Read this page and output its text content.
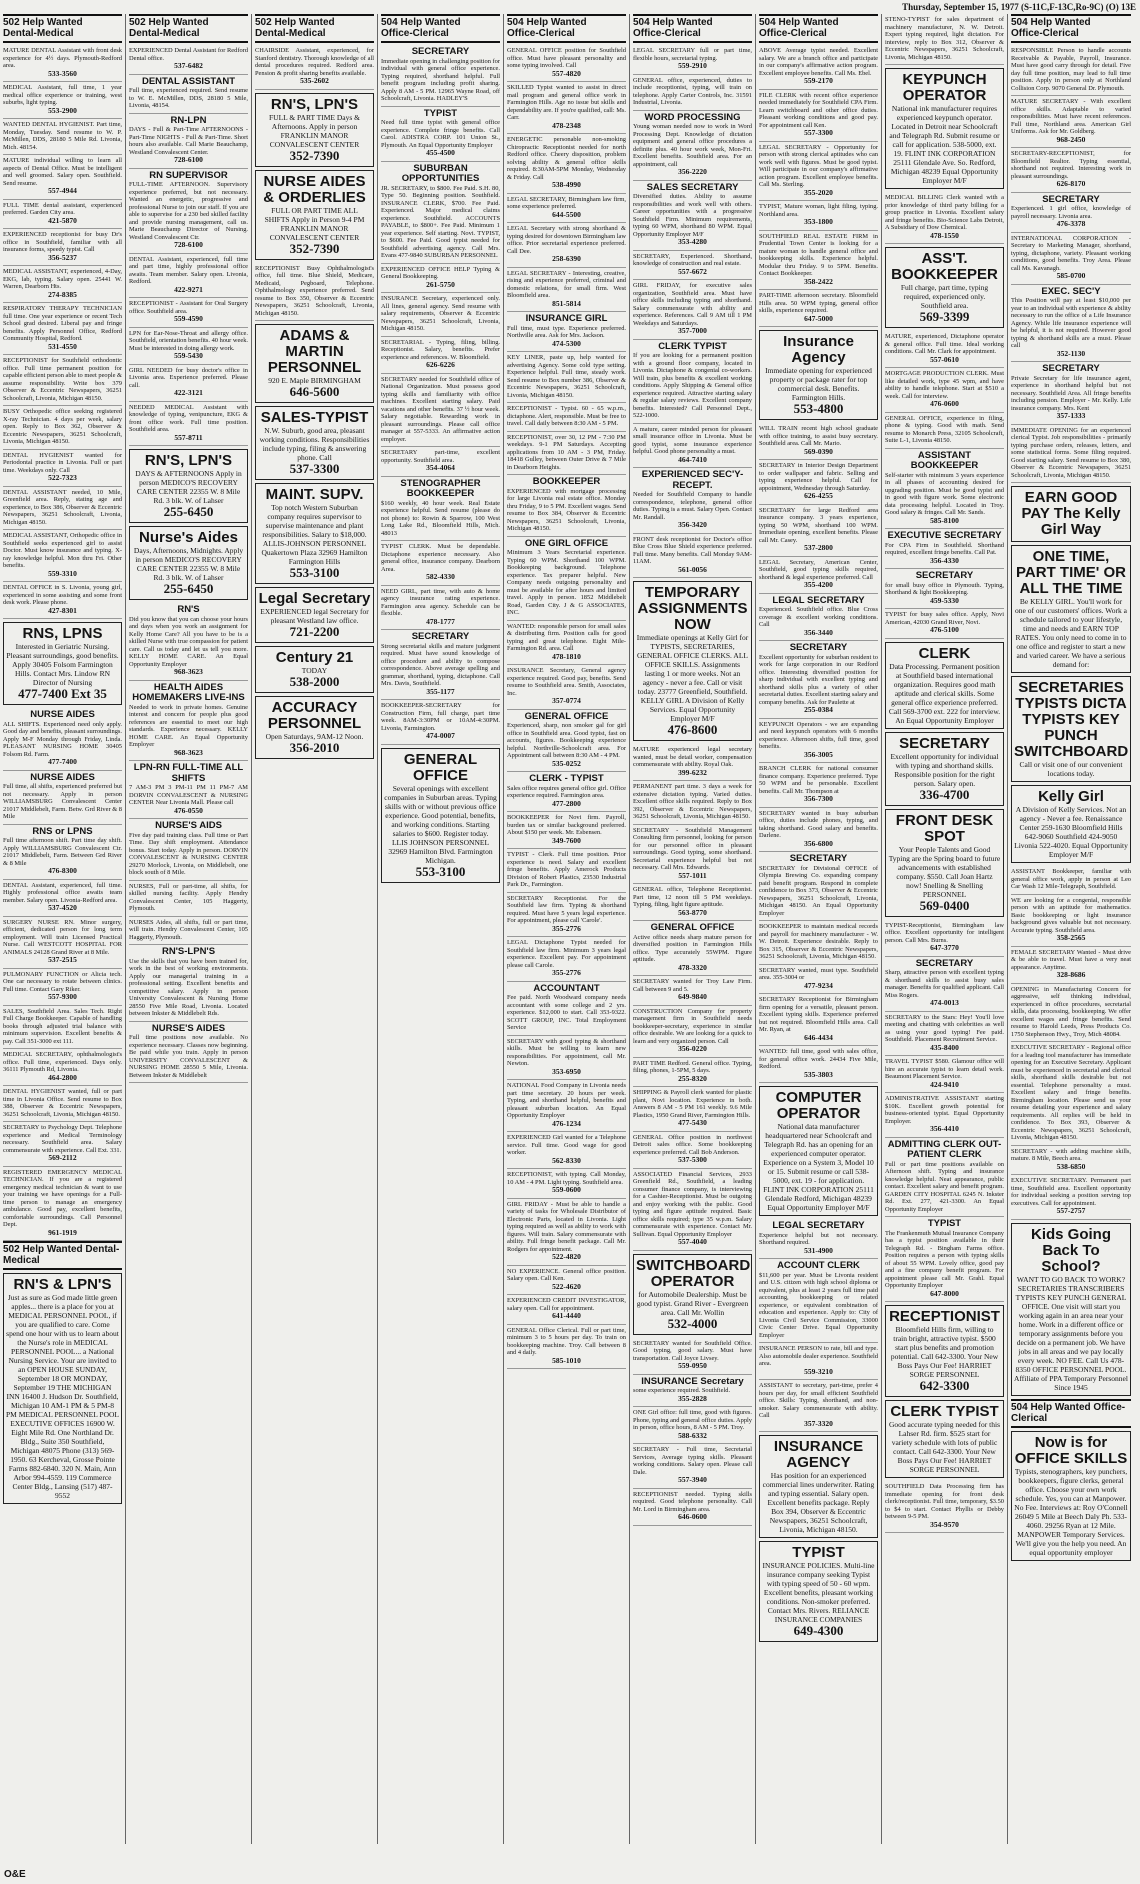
Thursday, September 15, 1977 (S-11C,F-13C,Ro-9C) (O) 13E
502 Help Wanted
Dental-Medical
MATURE DENTAL Assistant with front desk experience for 4½ days. Plymouth-Redford area.
533-3560
MEDICAL Assistant, full time, 1 year medical office experience or training, west suburbs, light typing.
553-2900
WANTED DENTAL HYGIENIST. Part time, Monday, Tuesday. Send resume to W. P. McMillen, DDS, 28180 5 Mile Rd. Livonia, Mich. 48154.
MATURE individual willing to learn all aspects of Dental Office. Must be intelligent and well groomed. Salary open. Southfield. Send resume.
557-4944
FULL TIME dental assistant, experienced preferred. Garden City area.
421-5870
EXPERIENCED receptionist for busy Dr's office in Southfield, familiar with all insurance forms, speedy typist. Call
356-5237
MEDICAL ASSISTANT, experienced, 4-Day, EKG, lab, typing. Salary open. 25441 W. Warren, Dearborn Hts.
274-8385
RESPIRATORY THERAPY TECHNICIAN full time. One year experience or recent Tech School grad desired. Liberal pay and fringe benefits. Apply Personnel Office, Redford Community Hospital, Redford.
531-4550
RECEPTIONIST for Southfield orthodontic office. Full time permanent position for capable efficient person able to meet people & assume responsibility. Write box 379 Observer & Eccentric Newspapers, 36251 Schoolcraft, Livonia, Michigan 48150.
BUSY Orthopedic office seeking registered X-ray Technician. 4 days per week, salary open. Reply to Box 362, Observer & Eccentric Newspapers, 36251 Schoolcraft, Livonia, Michigan 48150.
DENTAL HYGIENIST wanted for Periodontal practice in Livonia. Full or part time. Weekdays only. Call
522-7323
DENTAL ASSISTANT needed, 10 Mile, Greenfield area. Reply, stating age and experience, to Box 386, Observer & Eccentric Newspapers, 36251 Schoolcraft, Livonia, Michigan 48150.
MEDICAL ASSISTANT, Orthopedic office in Southfield seeks experienced girl to assist Doctor. Must know insurance and typing. X-ray knowledge helpful. Mon thru Fri. Other benefits.
559-3310
DENTAL OFFICE in S. Livonia, young girl, experienced in some assisting and some front desk work. Please phone.
427-8301
RNS, LPNS
Interested in Geriatric Nursing. Pleasant surroundings, good benefits. Apply 30405 Folsom Farmington Hills. Contact Mrs. Lindow RN Director of Nursing
477-7400 Ext 35
NURSE AIDES
ALL SHIFTS. Experienced need only apply. Good day and benefits, pleasant surroundings. Apply M-F Monday through Friday, Linda. PLEASANT NURSING HOME 30405 Folsom Rd. Farm.
477-7400
NURSE AIDES
Full time, all shifts, experienced preferred but not necessary. Apply in person WILLIAMSBURG Convalescent Center 21017 Middlebelt, Farm. Betw. Grd River & 8 Mile
RNS or LPNS
Full time afternoon shift. Part time day shift. Apply WILLIAMSBURG Convalescent Ctr. 21017 Middlebelt, Farm. Between Grd River & 8 Mile
476-8300
DENTAL Assistant, experienced, full time. Highly professional office awaits team member. Salary open. Livonia-Redford area.
537-4520
SURGERY NURSE RN. Minor surgery, efficient, dedicated person for long term employment. Will train Licensed Practical Nurse. Call WESTCOTT HOSPITAL FOR ANIMALS 24128 Grand River at 8 Mile.
537-2515
PULMONARY FUNCTION or Alicia tech. One car necessary to rotate between clinics. Full time. Contact Gary Riker.
557-9300
SALES, Southfield Area. Sales Tech. Right Full Charge Bookkeeper. Capable of handling books through adjusted trial balance with minimum supervision. Excellent benefits & pay. Call 351-3000 ext 111.
MEDICAL SECRETARY, ophthalmologist's office. Full time, experienced. Days only. 36111 Plymouth Rd, Livonia.
464-2800
DENTAL HYGIENIST wanted, full or part time in Livonia Office. Send resume to Box 388, Observer & Eccentric Newspapers, 36251 Schoolcraft, Livonia, Michigan 48150.
SECRETARY to Psychology Dept. Telephone experience and Medical Terminology necessary. Southfield area. Salary commensurate with experience. Call Ext. 331.
569-2112
REGISTERED EMERGENCY MEDICAL TECHNICIAN. If you are a registered emergency medical technician & want to use your training we have openings for a Full-time person to manage an emergency ambulance. Good pay, excellent benefits, comfortable surroundings. Call Personnel Dept.
961-1919
502 Help Wanted Dental-Medical
RN'S & LPN'S
Just as sure as God made little green apples... there is a place for you at MEDICAL PERSONNEL POOL, if you are qualified to care. Come spend one hour with us to learn about the Nurse's role in MEDICAL PERSONNEL POOL... a National Nursing Service. Your are invited to an OPEN HOUSE SUNDAY, September 18 OR MONDAY, September 19 THE MICHIGAN INN 16400 J. Hudson Dr. Southfield, Michigan 10 AM-1 PM & 5 PM-8 PM MEDICAL PERSONNEL POOL EXECUTIVE OFFICES 16900 W. Eight Mile Rd. One Northland Dr. Bldg., Suite 350 Southfield, Michigan 48075 Phone (313) 569-1950. 63 Kercheval, Grosse Pointe Farms 882-6840. 320 N. Main, Ann Arbor 994-4559. 119 Commerce Center Bldg., Lansing (517) 487-9552
502 Help Wanted
Dental-Medical
EXPERIENCED Dental Assistant for Redford Dental office.
537-6482
DENTAL ASSISTANT
Full time, experienced required. Send resume to W. E. McMillen, DDS, 28180 5 Mile, Livonia, 48154.
RN-LPN
DAYS - Full & Part-Time AFTERNOONS - Part-Time NIGHTS - Full & Part-Time. Short hours also available. Call Marie Beauchamp, Westland Convalescent Center.
728-6100
RN SUPERVISOR
FULL-TIME AFTERNOON. Supervisory experience preferred, but not necessary. Wanted an energetic, progressive and professional Nurse to join our staff. If you are able to supervise for a 230 bed skilled facility and provide nursing management, call us. Marie Beauchamp Director of Nursing. Westland Convalescent Ctr.
728-6100
DENTAL Assistant, experienced, full time and part time, highly professional office awaits. Team member. Salary open. Livonia, Redford.
422-9271
RECEPTIONIST - Assistant for Oral Surgery office. Southfield area.
559-4590
LPN for Ear-Nose-Throat and allergy office. Southfield, orientation benefits. 40 hour week. Must be interested in doing allergy work.
559-5430
GIRL NEEDED for busy doctor's office in Livonia area. Experience preferred. Please call.
422-3121
NEEDED MEDICAL Assistant with knowledge of typing, venipuncture, EKG & front office work. Full time position. Southfield area.
557-8711
RN'S, LPN'S
DAYS & AFTERNOONS Apply in person MEDICO'S RECOVERY CARE CENTER 22355 W. 8 Mile Rd. 3 blk. W. of Lahser
255-6450
Nurse's Aides
Days, Afternoons, Midnights. Apply in person MEDICO'S RECOVERY CARE CENTER 22355 W. 8 Mile Rd. 3 blk. W. of Lahser
255-6450
RN'S
Did you know that you can choose your hours and days when you work an assignment for Kelly Home Care? All you have to be is a skilled Nurse with true compassion for patient care. Call us today and let us tell you more. KELLY HOME CARE. An Equal Opportunity Employer
968-3623
HEALTH AIDES HOMEMAKERS LIVE-INS
Needed to work in private homes. Genuine interest and concern for people plus good references are essential to meet our high standards. Experience necessary. KELLY HOME CARE. An Equal Opportunity Employer
968-3623
LPN-RN FULL-TIME ALL SHIFTS
7 AM-3 PM 3 PM-11 PM 11 PM-7 AM DORVIN CONVALESCENT & NURSING CENTER Near Livonia Mall. Please call
476-0550
NURSE'S AIDS
Five day paid training class. Full time or Part Time. Day shift employment. Attendance bonus. Start today. Apply in person. DORVIN CONVALESCENT & NURSING CENTER 29270 Morlock, Livonia, on Middlebelt, one block south of 8 Mile.
NURSES, Full or part-time, all shifts, for skilled nursing facility. Apply Hendry Convalescent Center, 105 Haggerty, Plymouth.
NURSES Aides, all shifts, full or part time, will train. Hendry Convalescent Center, 105 Haggerty, Plymouth.
RN'S-LPN'S
Use the skills that you have been trained for, work in the best of working environments. Apply our managerial training in a professional setting. Excellent benefits and competitive salary. Apply in person University Convalescent & Nursing Home 28550 Five Mile Road, Livonia. Located between Inkster & Middlebelt Rds.
NURSE'S AIDES
Full time positions now available. No experience necessary. Classes now beginning. Be paid while you train. Apply in person UNIVERSITY CONVALESCENT & NURSING HOME 28550 5 Mile, Livonia. Between Inkster & Middlebelt
502 Help Wanted
Dental-Medical
CHAIRSIDE Assistant, experienced, for Stanford dentistry. Thorough knowledge of all dental procedures required. Redford area. Pension & profit sharing benefits available.
535-2602
RN'S, LPN'S
FULL & PART TIME Days & Afternoons. Apply in person FRANKLIN MANOR CONVALESCENT CENTER
352-7390
NURSE AIDES & ORDERLIES
FULL OR PART TIME ALL SHIFTS Apply in Person 9-4 PM FRANKLIN MANOR CONVALESCENT CENTER
352-7390
RECEPTIONIST Busy Ophthalmologist's office, full time. Blue Shield, Medicare, Medicaid, Pegboard, Telephone. Ophthalmology experience preferred. Send resume to Box 350, Observer & Eccentric Newspapers, 36251 Schoolcraft, Livonia, Michigan 48150.
ADAMS & MARTIN PERSONNEL
920 E. Maple BIRMINGHAM
646-5600
SALES-TYPIST
N.W. Suburb, good area, pleasant working conditions. Responsibilities include typing, filing & answering phone. Call
537-3300
MAINT. SUPV.
Top notch Western Suburban company requires supervisor to supervise maintenance and plant responsibilities. Salary to $18,000. ALLIS-JOHNSON PERSONNEL Quakertown Plaza 32969 Hamilton Farmington Hills
553-3100
Legal Secretary
EXPERIENCED legal Secretary for pleasant Westland law office.
721-2200
Century 21
TODAY
538-2000
ACCURACY PERSONNEL
Open Saturdays, 9AM-12 Noon.
356-2010
504 Help Wanted
Office-Clerical
SECRETARY
Immediate opening in challenging position for individual with general office experience. Typing required, shorthand helpful. Full benefit program including profit sharing. Apply 8 AM - 5 PM. 12965 Wayne Road, off Schoolcraft, Livonia. HADLEY'S
TYPIST
Need full time typist with general office experience. Complete fringe benefits. Call Carol. ADISTRA CORP. 101 Union St., Plymouth. An Equal Opportunity Employer
455-4500
SUBURBAN OPPORTUNITIES
JR. SECRETARY, to $800. Fee Paid. S.H. 80, Type 50. Beginning position. Southfield. INSURANCE CLERK, $700. Fee Paid. Experienced. Major medical claims experience. Southfield. ACCOUNTS PAYABLE, to $800+. Fee Paid. Minimum 1 year experience. Self starting. Novi. TYPIST, to $600. Fee Paid. Good typist needed for Southfield advertising agency. Call Mrs. Evans 477-9840 SUBURBAN PERSONNEL
EXPERIENCED OFFICE HELP Typing & General Bookkeeping.
261-5750
INSURANCE Secretary, experienced only. All lines, general agency. Send resume with salary requirements, Observer & Eccentric Newspapers, 36251 Schoolcraft, Livonia, Michigan 48150.
SECRETARIAL - Typing, filing, billing. Receptionist. Salary, benefits. Prefer experience and references. W. Bloomfield.
626-6226
SECRETARY needed for Southfield office of National Organization. Must possess good typing skills and familiarity with office machines. Excellent starting salary. Paid vacations and other benefits. 37 ½ hour week. Salary negotiable. Rewarding work in pleasant surroundings. Please call office manager at 557-5333. An affirmative action employer.
SECRETARY part-time, excellent opportunity. Southfield area.
354-4064
STENOGRAPHER BOOKKEEPER
$160 weekly, 40 hour week. Real Estate experience helpful. Send resume (please do not phone) to: Rowin & Sparrow, 100 West Long Lake Rd., Bloomfield Hills, Mich. 48013
TYPIST CLERK. Must be dependable. Dictaphone experience necessary. Also general office, insurance company. Dearborn Area.
582-4330
NEED GIRL, part time, with auto & home agency insurance rating experience. Farmington area agency. Schedule can be flexible.
478-1777
SECRETARY
Strong secretarial skills and mature judgment required. Must have sound knowledge of office procedure and ability to compose correspondence. Above average spelling and grammar, shorthand, typing, dictaphone. Call Mrs. Davis, Southfield.
355-1177
BOOKKEEPER-SECRETARY for Construction Firm, full charge, part time week. 8AM-3:30PM or 10AM-4:30PM. Livonia, Farmington.
474-0007
GENERAL OFFICE
Several openings with excellent companies in Suburban areas. Typing skills with or without previous office experience. Good potential, benefits, and working conditions. Starting salaries to $600. Register today. LLIS JOHNSON PERSONNEL 32969 Hamilton Blvd. Farmington Michigan.
553-3100
504 Help Wanted
Office-Clerical
GENERAL OFFICE position for Southfield office. Must have pleasant personality and some typing involved. Call
557-4820
SKILLED Typist wanted to assist in direct mail program and general office work in Farmington Hills. Age no issue but skills and dependability are. If you're qualified, call: Ms. Carr.
478-2348
ENERGETIC personable non-smoking Chiropractic Receptionist needed for north Redford office. Cheery disposition, problem solving ability & general office skills required. 8:30AM-5PM Monday, Wednesday & Friday. Call
538-4990
LEGAL SECRETARY, Birmingham law firm, some experience preferred.
644-5500
LEGAL Secretary with strong shorthand & typing desired for downtown Birmingham law office. Prior secretarial experience preferred. Call Dee.
258-6390
LEGAL SECRETARY - Interesting, creative, rising and experience preferred, criminal and domestic relations, for small firm. West Bloomfield area.
851-5814
INSURANCE GIRL
Full time, must type. Experience preferred. Northville area. Ask for Mrs. Jackson.
474-5300
KEY LINER, paste up, help wanted for advertising Agency. Some cold type setting. Experience helpful. Full time, steady work. Send resume to Box number 386, Observer & Eccentric Newspapers, 36251 Schoolcraft, Livonia, Michigan 48150.
RECEPTIONIST - Typist. 60 - 65 w.p.m., dictaphone. Alert, responsible. Must be free to travel. Call daily between 8:30 AM - 5 PM.
RECEPTIONIST, over 30, 12 PM - 7:30 PM weekdays. 9-1 PM Saturdays. Accepting applications from 10 AM - 3 PM, Friday. 18418 Gulley, between Outer Drive & 7 Mile in Dearborn Heights.
BOOKKEEPER
EXPERIENCED with mortgage processing for large Livonia real estate office. Monday thru Friday, 9 to 5 PM. Excellent wages. Send resume to Box 384, Observer & Eccentric Newspapers, 36251 Schoolcraft, Livonia, Michigan 48150.
ONE GIRL OFFICE
Minimum 3 Years Secretarial experience. Typing 60 WPM. Shorthand 100 WPM. Bookkeeping background. Telephone experience. Tax preparer helpful. New Company needs outgoing personality and must be available for after hours and limited travel. Apply in person. 1852 Middlebelt Road, Garden City. J & G ASSOCIATES, INC.
WANTED: responsible person for small sales & distributing firm. Position calls for good typing and great telephone. Eight Mile-Farmington Rd. area. Call
478-1810
INSURANCE Secretary, General agency experience required. Good pay, benefits. Send resume to Southfield area. Smith, Associates, Inc.
357-0774
GENERAL OFFICE
Experienced, sharp, non smoker gal for girl office in Southfield area. Good typist, fast on accounts, figures. Bookkeeping experience helpful. Northville-Schoolcraft area. For Appointment call between 8:30 AM - 4 PM.
535-0252
CLERK - TYPIST
Sales office requires general office girl. Office experience required. Farmington area.
477-2800
BOOKKEEPER for Novi firm. Payroll, burden tax or similar background preferred. About $150 per week. Mr. Esbensen.
349-7600
TYPIST - Clerk. Full time position. Prior experience is need. Salary and excellent fringe benefits. Apply Amerock Products Division of Robert Plastics, 23530 Industrial Park Dr., Farmington.
SECRETARY Receptionist. For the Southfield law firm. Typing & shorthand required. Must have 5 years legal experience. For appointment, please call 'Carole'.
355-2776
LEGAL Dictaphone Typist needed for Southfield law firm. Minimum 3 years legal experience. Excellent pay. For appointment please call Carole.
355-2776
ACCOUNTANT
Fee paid. North Woodward company needs accountant with some college and 2 yrs. experience. $12,000 to start. Call 353-9322. SCOTT GROUP, INC. Total Employment Service
SECRETARY with good typing & shorthand skills. Must be willing to learn new responsibilities. For appointment, call Mr. Newton.
353-6950
NATIONAL Food Company in Livonia needs part time secretary. 20 hours per week. Typing, and shorthand helpful, benefits and pleasant suburban location. An Equal Opportunity Employer
476-1234
EXPERIENCED Girl wanted for a Telephone service. Full time. Good wage for good worker.
562-8330
RECEPTIONIST, with typing. Call Monday, 10 AM - 4 PM. Light typing. Southfield area.
559-0600
GIRL FRIDAY - Must be able to handle a variety of tasks for Wholesale Distributor of Electronic Parts, located in Livonia. Light typing required as well as ability to work with figures. Will train. Salary commensurate with ability. Full fringe benefit package. Call Mr. Rodgers for appointment.
522-4820
NO EXPERIENCE. General office position. Salary open. Call Ken.
522-4620
EXPERIENCED CREDIT INVESTIGATOR, salary open. Call for appointment.
641-4440
GENERAL Office Clerical. Full or part time, minimum 3 to 5 hours per day. To train on bookkeeping machine. Troy. Call between 8 and 4 daily.
585-1010
504 Help Wanted
Office-Clerical
LEGAL SECRETARY full or part time, flexible hours, secretarial typing.
559-2910
GENERAL office, experienced, duties to include receptionist, typing, will train on telephone. Apply Carter Controls, Inc. 31591 Industrial, Livonia.
WORD PROCESSING
Young woman needed now to work in Word Processing Dept. Knowledge of dictation equipment and general office procedures a definite plus. 40 hour work week, Mon-Fri. Excellent benefits. Southfield area. For an appointment, call
356-2220
SALES SECRETARY
Diversified duties. Ability to assume responsibilities and work well with others. Career opportunities with a progressive Southfield Firm. Minimum requirements, typing 60 WPM, shorthand 80 WPM. Equal Opportunity Employer M/F
353-4280
SECRETARY, Experienced. Shorthand, knowledge of construction and real estate.
557-6672
GIRL FRIDAY, for executive sales organization, Southfield area. Must have office skills including typing and shorthand. Salary commensurate with ability and experience. References. Call 9 AM till 1 PM Weekdays and Saturdays.
357-7000
CLERK TYPIST
If you are looking for a permanent position with a ground floor company, located in Livonia. Dictaphone & congenial co-workers. Will train, plus benefits & excellent working conditions. Apply Shipping & General office experience required. Attractive starting salary & regular salary reviews. Excellent company benefits. Interested? Call Personnel Dept., 522-1000.
A mature, career minded person for pleasant small insurance office in Livonia. Must be good typist, some insurance experience helpful. Good phone personality a must.
464-7410
EXPERIENCED SEC'Y-RECEPT.
Needed for Southfield Company to handle correspondence, telephone, general office duties. Typing is a must. Salary Open. Contact Mr. Randall.
356-3420
FRONT desk receptionist for Doctor's office Blue Cross Blue Shield experience preferred. Full time. Many benefits. Call Monday 9AM-11AM.
561-0056
TEMPORARY ASSIGNMENTS NOW
Immediate openings at Kelly Girl for TYPISTS, SECRETARIES, GENERAL OFFICE CLERKS. ALL OFFICE SKILLS. Assignments lasting 1 or more weeks. Not an agency - never a fee. Call or visit today. 23777 Greenfield, Southfield. KELLY GIRL A Division of Kelly Services. Equal Opportunity Employer M/F
476-8600
MATURE experienced legal secretary wanted, must be detail worker, compensation commensurate with ability. Royal Oak.
399-6232
PERMANENT part time. 3 days a week for extensive dictation typing. Varied duties. Excellent office skills required. Reply to Box 392, Observer & Eccentric Newspapers, 36251 Schoolcraft, Livonia, Michigan 48150.
SECRETARY - Southfield Management Consulting firm personnel, looking for person for our personnel office in pleasant surroundings. Good typing, some shorthand. Secretarial experience helpful but not necessary. Call Mrs. Edwards.
557-1011
GENERAL office, Telephone Receptionist. Part time, 12 noon till 5 PM weekdays. Typing, filing, light figure aptitude.
563-8770
GENERAL OFFICE
Active office needs sharp mature person for diversified position in Farmington Hills office. Type accurately 55WPM. Figure aptitude.
478-3320
SECRETARY wanted for Troy Law Firm. Call between 9 and 5.
649-9840
CONSTRUCTION Company for property management firm in Southfield needs bookkeeper-secretary, experience in similar office desirable. We are looking for a quick to learn and very organized person. Call
356-0220
PART TIME Redford. General office. Typing, filing, phones, 1-5PM, 5 days.
255-8320
SHIPPING & Payroll clerk wanted for plastic plant, Novi location. Experience in both. Answers 8 AM - 5 PM 161 weekly. 9.6 Mile Plastics, 1950 Grand River, Farmington Hills.
477-5430
GENERAL Office position in northwest Detroit sales office. Some bookkeeping experience preferred. Call Bob Anderson.
537-5300
ASSOCIATED Financial Services, 2933 Greenfield Rd., Southfield, a leading consumer finance company, is interviewing for a Cashier-Receptionist. Must be outgoing and enjoy working with the public. Good typing and figure aptitude required. Basic office skills required; type 35 w.p.m. Salary commensurate with experience. Contact Mr. Sullivan. Equal Opportunity Employer
557-4040
SWITCHBOARD OPERATOR
for Automobile Dealership. Must be good typist. Grand River - Evergreen area. Call Mr. Wollin
532-4000
SECRETARY wanted for Southfield Office. Good typing, good salary. Must have transportation. Call Joyce Livsey.
559-0950
INSURANCE Secretary
some experience required. Southfield.
355-2828
ONE Girl office: full time, good with figures. Phone, typing and general office duties. Apply in person, office hours, 8 AM - 5 PM. Troy.
588-6332
SECRETARY - Full time, Secretarial Services, Average typing skills. Pleasant working conditions. Salary open. Please call Dale.
557-3940
RECEPTIONIST needed. Typing skills required. Good telephone personality. Call Mr. Lord in Birmingham area.
646-0600
504 Help Wanted
Office-Clerical
ABOVE Average typist needed. Excellent salary. We are a branch office and participate in our company's affirmative action program. Excellent employee benefits. Call Ms. Ebel.
559-2170
FILE CLERK with recent office experience needed immediately for Southfield CPA Firm. Learn switchboard and other office duties. Pleasant working conditions and good pay. For appointment call Ken.
557-3300
LEGAL SECRETARY - Opportunity for person with strong clerical aptitudes who can work well with figures. Must be good typist. Will participate in our company's affirmative action program. Excellent employee benefits. Call Ms. Sterling.
355-2020
TYPIST, Mature woman, light filing, typing. Northland area.
353-1800
SOUTHFIELD REAL ESTATE FIRM in Prudential Town Center is looking for a mature woman to handle general office and bookkeeping skills. Experience helpful. Modular thru Friday. 9 to 5PM. Benefits. Contact Bookkeeper.
358-2422
PART-TIME afternoon secretary. Bloomfield Hills area. 50 WPM typing, general office skills, experience required.
647-5000
Insurance Agency
Immediate opening for experienced property or package rater for top commercial desk. Benefits. Farmington Hills.
553-4800
WILL TRAIN recent high school graduate with office training, to assist busy secretary. Southfield area. Call Mr. Mario.
569-0390
SECRETARY in Interior Design Department to order wallpaper and fabric. Selling and typing experience helpful. Call for appointment, Wednesday through Saturday.
626-4255
SECRETARY for large Redford area insurance company. 3 years experience, typing 50 WPM, shorthand 100 WPM. Immediate opening, excellent benefits. Please call Mr. Casey.
537-2800
LEGAL Secretary, American Center, Southfield, good typing skills required, shorthand & legal experience preferred. Call
355-4200
LEGAL SECRETARY
Experienced. Southfield office. Blue Cross coverage & excellent working conditions. Call
356-3440
SECRETARY
Excellent opportunity for suburban resident to work for large corporation in our Redford office. Interesting diversified position for sharp individual with excellent typing and shorthand skills plus a variety of other secretarial duties. Excellent starting salary and company benefits. Ask for Paulette at
255-0384
KEYPUNCH Operators - we are expanding and need keypunch operators with 6 months experience. Afternoon shifts, full time, good benefits.
356-3005
BRANCH CLERK for national consumer finance company. Experience preferred. Type 50 WPM and be personable. Excellent benefits. Call Mr. Thompson at
356-7300
SECRETARY wanted in busy suburban office, duties include phones, typing, and taking shorthand. Good salary and benefits. Darlene.
356-6800
SECRETARY
SECRETARY for Divisional OFFICE of Olympia Brewing Co. expanding company paid benefit program. Respond in complete confidence to Box 373, Observer & Eccentric Newspapers, 36251 Schoolcraft, Livonia, Michigan 48150. An Equal Opportunity Employer
BOOKKEEPER to maintain medical records and payroll for machinery manufacturer - W. W. Detroit. Experience desirable. Reply to Box 315, Observer & Eccentric Newspapers, 36251 Schoolcraft, Livonia, Michigan 48150.
SECRETARY wanted, must type. Southfield area. 355-3004 or
477-9234
SECRETARY Receptionist for Birmingham firm opening for a versatile, pleasant person. Excellent typing skills. Experience preferred but not required. Bloomfield Hills area. Call Mr. Ryan, at
646-4434
WANTED: full time, good with sales office, for general office work. 24434 Five Mile, Redford.
535-3803
COMPUTER OPERATOR
National data manufacturer headquartered near Schoolcraft and Telegraph Rd. has an opening for an experienced computer operator. Experience on a System 3, Model 10 or 15. Submit resume or call 538-5000, ext. 19 - for application. FLINT INK CORPORATION 25111 Glendale Redford, Michigan 48239 Equal Opportunity Employer M/F
LEGAL SECRETARY
Experience helpful but not necessary. Shorthand required.
531-4900
ACCOUNT CLERK
$11,600 per year. Must be Livonia resident and U.S. citizen with high school diploma or equivalent, plus at least 2 years full time paid accounting, bookkeeping or related experience, or equivalent combination of education and experience. Apply to: City of Livonia Civil Service Commission, 33000 Civic Center Drive. Equal Opportunity Employer
INSURANCE PERSON to rate, bill and type. Also automobile dealer experience. Southfield area.
559-3210
ASSISTANT to secretary, part-time, prefer 4 hours per day, for small efficient Southfield office. Skills: Typing, shorthand, and non-smoker. Salary commensurate with ability. Call
357-3320
INSURANCE AGENCY
Has position for an experienced commercial lines underwriter. Rating and typing essential. Salary open. Excellent benefits package. Reply Box 394, Observer & Eccentric Newspapers, 36251 Schoolcraft, Livonia, Michigan 48150.
TYPIST
INSURANCE POLICIES. Multi-line insurance company seeking Typist with typing speed of 50 - 60 wpm. Excellent benefits, pleasant working conditions. Non-smoker preferred. Contact Mrs. Rivers. RELIANCE INSURANCE COMPANIES
649-4300
STENO-TYPIST for sales department of machinery manufacturer, N. W. Detroit. Expert typing required, light dictation. For interview, reply to Box 312, Observer & Eccentric Newspapers, 36251 Schoolcraft, Livonia, Michigan 48150.
KEYPUNCH OPERATOR
National ink manufacturer requires experienced keypunch operator. Located in Detroit near Schoolcraft and Telegraph Rd. Submit resume or call for application. 538-5000, ext. 19. FLINT INK CORPORATION 25111 Glendale Ave. So. Redford, Michigan 48239 Equal Opportunity Employer M/F
MEDICAL BILLING Clerk wanted with a prior knowledge of third party billing for a group practice in Livonia. Excellent salary and fringe benefits. Bio-Science Labs Detroit, A Subsidiary of Dow Chemical.
478-1550
ASS'T. BOOKKEEPER
Full charge, part time, typing required, experienced only. Southfield area.
569-3399
MATURE, experienced, Dictaphone operator & general office. Full time. Ideal working conditions. Call Mr. Clark for appointment.
557-0610
MORTGAGE PRODUCTION CLERK. Must like detailed work, type 45 wpm, and have ability to handle telephone. Start at $510 a week. Call for interview.
476-0600
GENERAL OFFICE, experience in filing, phone & typing. Good with math. Send resume to Monarch Press, 32105 Schoolcraft, Suite L-1, Livonia 48150.
ASSISTANT BOOKKEEPER
Self-starter with minimum 3 years experience in all phases of accounting desired for upgrading position. Must be good typist and in good with figure work. Some electronic data processing helpful. Located in Troy. Good salary & fringes. Call Mr. Sands.
585-8100
EXECUTIVE SECRETARY
For CPA Firm in Southfield. Shorthand required, excellent fringe benefits. Call Pat.
356-4330
SECRETARY
for small busy office in Plymouth. Typing, Shorthand & light Bookkeeping.
459-5330
TYPIST for busy sales office. Apply, Novi American, 42030 Grand River, Novi.
476-5100
CLERK
Data Processing. Permanent position at Southfield based international organization. Requires good math aptitude and clerical skills. Some general office experience preferred. Call 569-3700 ext. 222 for interview. An Equal Opportunity Employer
SECRETARY
Excellent opportunity for individual with typing and shorthand skills. Responsible position for the right person. Salary open.
336-4700
FRONT DESK SPOT
Your People Talents and Good Typing are the Spring board to future advancements with established company. $550. Call Joan Hartz now! Snelling & Snelling PERSONNEL
569-0400
TYPIST-Receptionist, Birmingham law office. Excellent opportunity for intelligent person. Call Mrs. Burns.
647-3770
SECRETARY
Sharp, attractive person with excellent typing & shorthand skills to assist busy sales manager. Benefits for qualified applicant. Call Miss Rogers.
474-0013
SECRETARY to the Stars: Hey! You'll love meeting and chatting with celebrities as well as using your good typing! Fee paid. Southfield. Placement Recruitment Service.
435-8400
TRAVEL TYPIST $580. Glamour office will hire an accurate typist to learn detail work. Beaumont Placement Service.
424-9410
ADMINISTRATIVE ASSISTANT starting $10K. Excellent growth potential for business-oriented typist. Equal Opportunity Employer.
356-4410
ADMITTING CLERK OUT-PATIENT CLERK
Full or part time positions available on Afternoon shift. Typing and insurance knowledge helpful. Neat appearance, public contact. Excellent salary and benefit program. GARDEN CITY HOSPITAL 6245 N. Inkster Rd. Ext. 277, 421-3300. An Equal Opportunity Employer
TYPIST
The Frankenmuth Mutual Insurance Company has a typist position available in their Telegraph Rd. - Bingham Farms office. Position requires a person with typing skills of about 55 WPM. Lovely office, good pay and a fine company benefit program. For appointment please call Mr. Grahl. Equal Opportunity Employer
647-8000
RECEPTIONIST
Bloomfield Hills firm, willing to train bright, attractive typist. $500 start plus benefits and promotion potential. Call 642-3300. Your New Boss Pays Our Fee! HARRIET SORGE PERSONNEL
642-3300
CLERK TYPIST
Good accurate typing needed for this Lahser Rd. firm. $525 start for variety schedule with lots of public contact. Call 642-3300. Your New Boss Pays Our Fee! HARRIET SORGE PERSONNEL
SOUTHFIELD Data Processing firm has immediate opening for front desk clerk/receptionist. Full time, temporary, $3.50 to $4 to start. Contact Phyllis or Debby between 9-5 PM.
354-9570
504 Help Wanted
Office-Clerical
RESPONSIBLE Person to handle accounts Receivable & Payable, Payroll, Insurance. Must have good carry through for detail. Five day full time position, may lead to full time position. Apply in person only at Northland Collision Corp. 9070 General Dr. Plymouth.
MATURE SECRETARY - With excellent office skills. Adaptable to varied responsibilities. Must have recent references. Full time, Northland area. American Girl Uniforms. Ask for Mr. Goldberg.
968-2450
SECRETARY-RECEPTIONIST, for Bloomfield Realtor. Typing essential, shorthand not required. Interesting work in pleasant surroundings.
626-8170
SECRETARY
Experienced. 1 girl office, knowledge of payroll necessary. Livonia area.
476-3378
INTERNATIONAL CORPORATION - Secretary to Marketing Manager, shorthand, typing, dictaphone, variety. Pleasant working conditions, good benefits. Troy Area. Please call Ms. Kavanagh.
585-0700
EXEC. SEC'Y
This Position will pay at least $10,000 per year to an individual with experience & ability necessary to run the office of a Life Insurance Agency. While life insurance experience will be helpful, it is not required. However good typing & shorthand skills are a must. Please call
352-1130
SECRETARY
Private Secretary for life insurance agent, experience in shorthand helpful but not necessary. Southfield Area. All fringe benefits including pension. Employer - Mr. Kelly. Life insurance company. Mrs. Kent
357-1333
IMMEDIATE OPENING for an experienced clerical Typist. Job responsibilities - primarily typing purchase orders, releases, letters, and some statistical forms. Some filing required. Good starting salary. Send resume to Box 380, Observer & Eccentric Newspapers, 36251 Schoolcraft, Livonia, Michigan 48150.
EARN GOOD PAY The Kelly Girl Way
ONE TIME, PART TIME' OR ALL THE TIME
Be KELLY GIRL. You'll work for one of our customers' offices. Work a schedule tailored to your lifestyle, time and needs and EARN TOP RATES. You only need to come in to one office and register to start a new and varied career. We have a serious demand for:
SECRETARIES TYPISTS DICTA TYPISTS KEY PUNCH SWITCHBOARD
Call or visit one of our convenient locations today.
Kelly Girl
A Division of Kelly Services. Not an agency - Never a fee. Renaissance Center 259-1630 Bloomfield Hills 642-9060 Southfield 424-9050 Livonia 522-4020. Equal Opportunity Employer M/F
ASSISTANT Bookkeeper, familiar with general office work, apply in person at Leo Car Wash 12 Mile-Telegraph, Southfield.
WE are looking for a congenial, responsible person with an aptitude for mathematics. Basic bookkeeping or light insurance background gives valuable but not necessary. Accurate typing. Southfield area.
358-2565
FEMALE SECRETARY Wanted - Must drive & be able to travel. Must have a very neat appearance. Anytime.
328-8686
OPENING in Manufacturing Concern for aggressive, self thinking individual, experienced in office procedures, secretarial skills, data processing, bookkeeping. We offer excellent wages and fringe benefits. Send resume to Harold Leeds, Press Products Co. 1750 Stephenson Hwy., Troy, Mich 48084.
EXECUTIVE SECRETARY - Regional office for a leading tool manufacturer has immediate opening for an Executive Secretary. Applicant must be experienced in secretarial and clerical skills, shorthand skills desirable but not essential. Telephone personality a must. Excellent salary and fringe benefits. Birmingham location. Please send us your resume detailing your experience and salary requirements. All replies will be held in confidence. To Box 393, Observer & Eccentric Newspapers, 36251 Schoolcraft, Livonia, Michigan 48150.
SECRETARY - with adding machine skills, mature. 8 Mile, Beech area.
538-6850
EXECUTIVE SECRETARY. Permanent part time, Southfield area. Excellent opportunity for individual seeking a position serving top executives. Call for appointment.
557-2757
Kids Going Back To School?
WANT TO GO BACK TO WORK? SECRETARIES TRANSCRIBERS TYPISTS KEY PUNCH GENERAL OFFICE. One visit will start you working again in an area near your home. Work in a different office or temporary assignments before you decide on a permanent job. We have jobs in all areas and we pay locally every week. NO FEE. Call Us 478-8350 OFFICE PERSONNEL POOL. Affiliate of PPA Temporary Personnel Since 1945
504 Help Wanted Office-Clerical
Now is for OFFICE SKILLS
Typists, stenographers, key punchers, bookkeepers, figure clerks, general office. Choose your own work schedule. Yes, you can at Manpower. No Fee. Interviews at: Roy O'Connell 26049 5 Mile at Beech Daly Ph. 533-4060. 29256 Ryan at 12 Mile. MANPOWER Temporary Services. We'll give you the help you need. An equal opportunity employer
O&E
